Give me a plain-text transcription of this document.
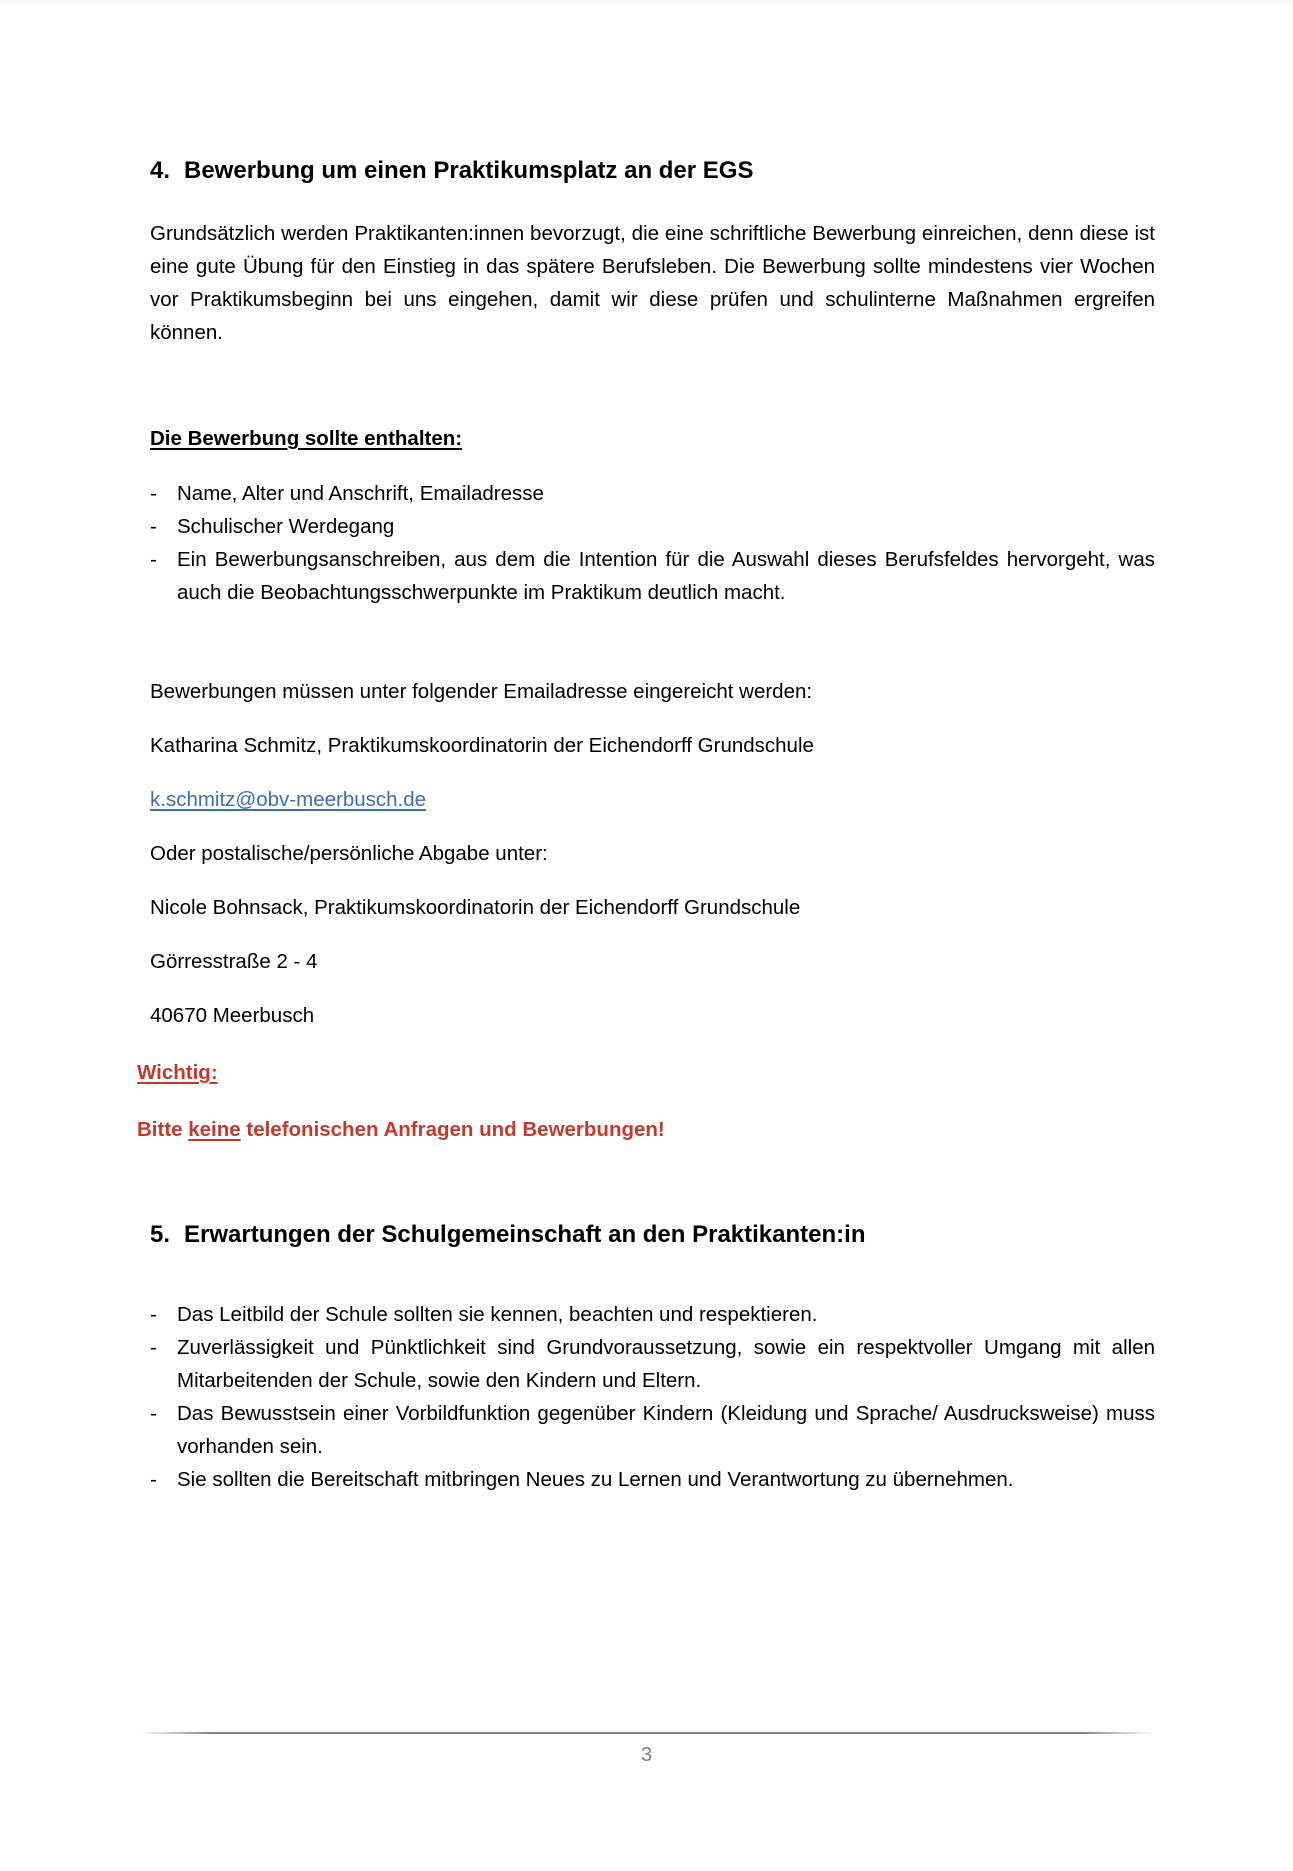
4. Bewerbung um einen Praktikumsplatz an der EGS

Grundsätzlich werden Praktikanten:innen bevorzugt, die eine schriftliche Bewerbung einreichen, denn diese ist eine gute Übung für den Einstieg in das spätere Berufsleben. Die Bewerbung sollte mindestens vier Wochen vor Praktikumsbeginn bei uns eingehen, damit wir diese prüfen und schulinterne Maßnahmen ergreifen können.

Die Bewerbung sollte enthalten:

- Name, Alter und Anschrift, Emailadresse
- Schulischer Werdegang
- Ein Bewerbungsanschreiben, aus dem die Intention für die Auswahl dieses Berufsfeldes hervorgeht, was auch die Beobachtungsschwerpunkte im Praktikum deutlich macht.

Bewerbungen müssen unter folgender Emailadresse eingereicht werden:

Katharina Schmitz, Praktikumskoordinatorin der Eichendorff Grundschule

k.schmitz@obv-meerbusch.de

Oder postalische/persönliche Abgabe unter:

Nicole Bohnsack, Praktikumskoordinatorin der Eichendorff Grundschule

Görresstraße 2 - 4

40670 Meerbusch

Wichtig:

Bitte keine telefonischen Anfragen und Bewerbungen!

5. Erwartungen der Schulgemeinschaft an den Praktikanten:in
- Das Leitbild der Schule sollten sie kennen, beachten und respektieren.
- Zuverlässigkeit und Pünktlichkeit sind Grundvoraussetzung, sowie ein respektvoller Umgang mit allen Mitarbeitenden der Schule, sowie den Kindern und Eltern.
- Das Bewusstsein einer Vorbildfunktion gegenüber Kindern (Kleidung und Sprache/ Ausdrucksweise) muss vorhanden sein.
- Sie sollten die Bereitschaft mitbringen Neues zu Lernen und Verantwortung zu übernehmen.
3
